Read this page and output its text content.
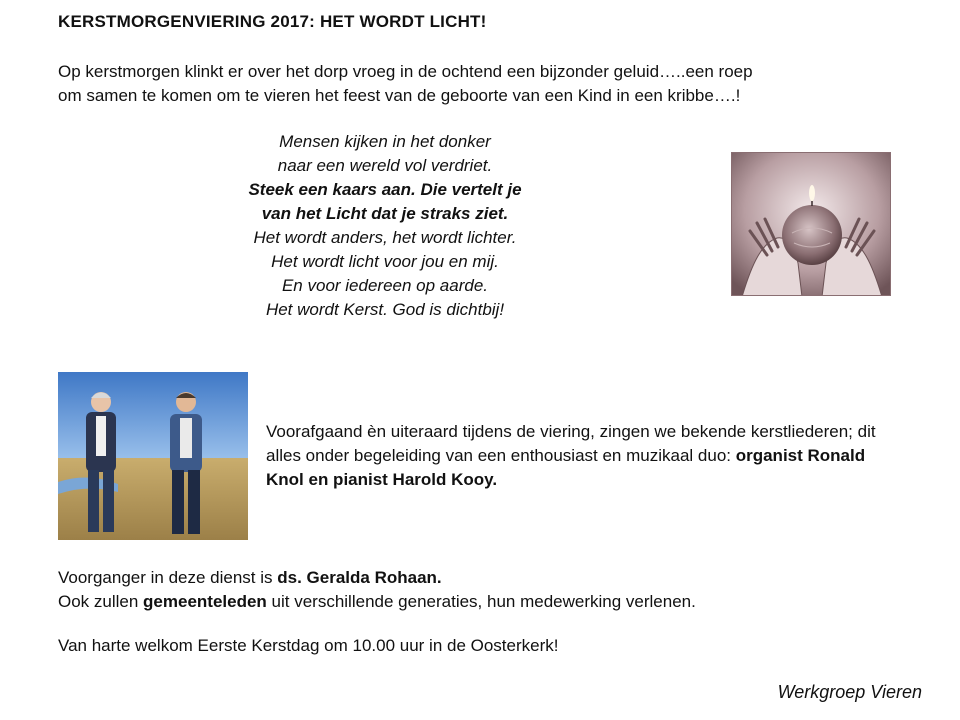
KERSTMORGENVIERING 2017: HET WORDT LICHT!
Op kerstmorgen klinkt er over het dorp vroeg in de ochtend een bijzonder geluid…..een roep
om samen te komen om te vieren het feest van de geboorte van een Kind in een kribbe….!
Mensen kijken in het donker
naar een wereld vol verdriet.
Steek een kaars aan. Die vertelt je
van het Licht dat je straks ziet.
Het wordt anders, het wordt lichter.
Het wordt licht voor jou en mij.
En voor iedereen op aarde.
Het wordt Kerst. God is dichtbij!
Voorafgaand èn uiteraard tijdens de viering, zingen we bekende kerstliederen; dit alles onder begeleiding van een enthousiast en muzikaal duo: organist Ronald Knol en pianist Harold Kooy.
Voorganger in deze dienst is ds. Geralda Rohaan.
Ook zullen gemeenteleden uit verschillende generaties, hun medewerking verlenen.
Van harte welkom Eerste Kerstdag om 10.00 uur in de Oosterkerk!
Werkgroep Vieren
